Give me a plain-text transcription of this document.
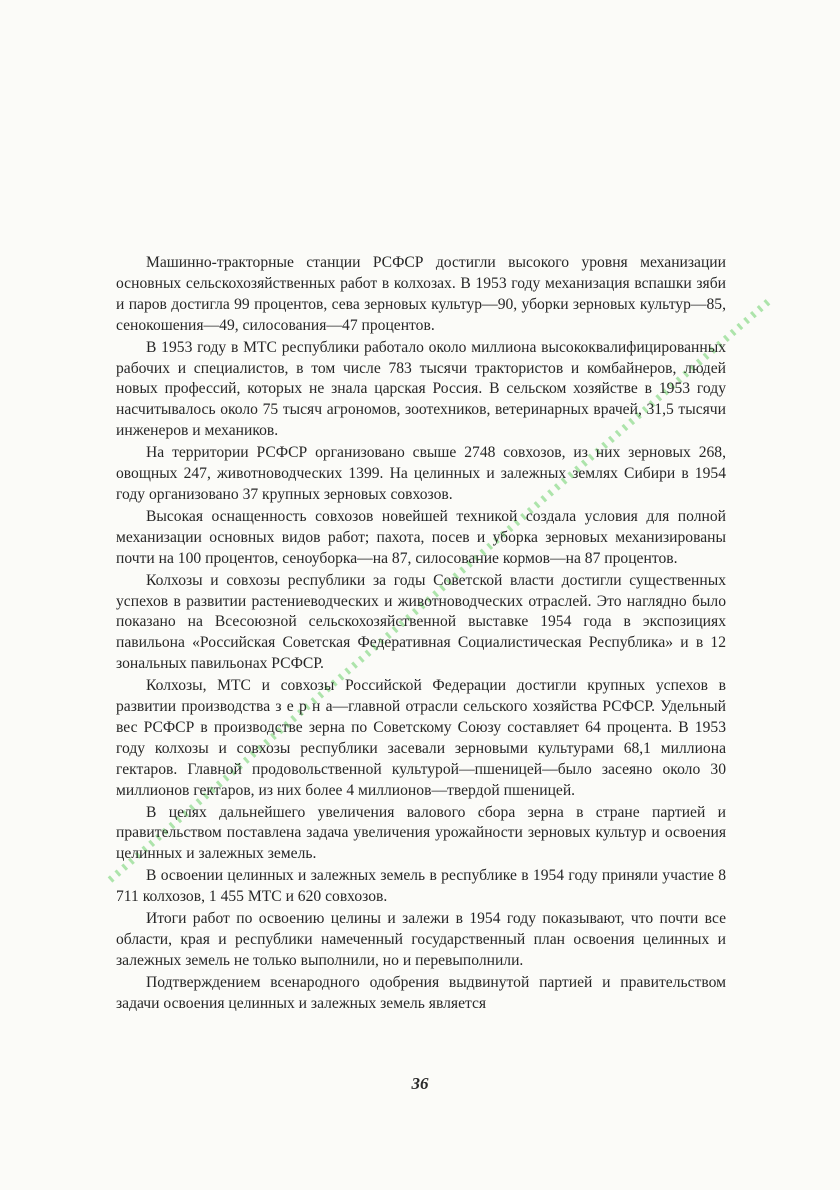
Машинно-тракторные станции РСФСР достигли высокого уровня механизации основных сельскохозяйственных работ в колхозах. В 1953 году механизация вспашки зяби и паров достигла 99 процентов, сева зерновых культур—90, уборки зерновых культур—85, сенокошения—49, силосования—47 процентов.

В 1953 году в МТС республики работало около миллиона высококвалифицированных рабочих и специалистов, в том числе 783 тысячи трактористов и комбайнеров, людей новых профессий, которых не знала царская Россия. В сельском хозяйстве в 1953 году насчитывалось около 75 тысяч агрономов, зоотехников, ветеринарных врачей, 31,5 тысячи инженеров и механиков.

На территории РСФСР организовано свыше 2748 совхозов, из них зерновых 268, овощных 247, животноводческих 1399. На целинных и залежных землях Сибири в 1954 году организовано 37 крупных зерновых совхозов.

Высокая оснащенность совхозов новейшей техникой создала условия для полной механизации основных видов работ; пахота, посев и уборка зерновых механизированы почти на 100 процентов, сеноуборка—на 87, силосование кормов—на 87 процентов.

Колхозы и совхозы республики за годы Советской власти достигли существенных успехов в развитии растениеводческих и животноводческих отраслей. Это наглядно было показано на Всесоюзной сельскохозяйственной выставке 1954 года в экспозициях павильона «Российская Советская Федеративная Социалистическая Республика» и в 12 зональных павильонах РСФСР.

Колхозы, МТС и совхозы Российской Федерации достигли крупных успехов в развитии производства з е р н а—главной отрасли сельского хозяйства РСФСР. Удельный вес РСФСР в производстве зерна по Советскому Союзу составляет 64 процента. В 1953 году колхозы и совхозы республики засевали зерновыми культурами 68,1 миллиона гектаров. Главной продовольственной культурой—пшеницей—было засеяно около 30 миллионов гектаров, из них более 4 миллионов—твердой пшеницей.

В целях дальнейшего увеличения валового сбора зерна в стране партией и правительством поставлена задача увеличения урожайности зерновых культур и освоения целинных и залежных земель.

В освоении целинных и залежных земель в республике в 1954 году приняли участие 8 711 колхозов, 1 455 МТС и 620 совхозов.

Итоги работ по освоению целины и залежи в 1954 году показывают, что почти все области, края и республики намеченный государственный план освоения целинных и залежных земель не только выполнили, но и перевыполнили.

Подтверждением всенародного одобрения выдвинутой партией и правительством задачи освоения целинных и залежных земель является

36
